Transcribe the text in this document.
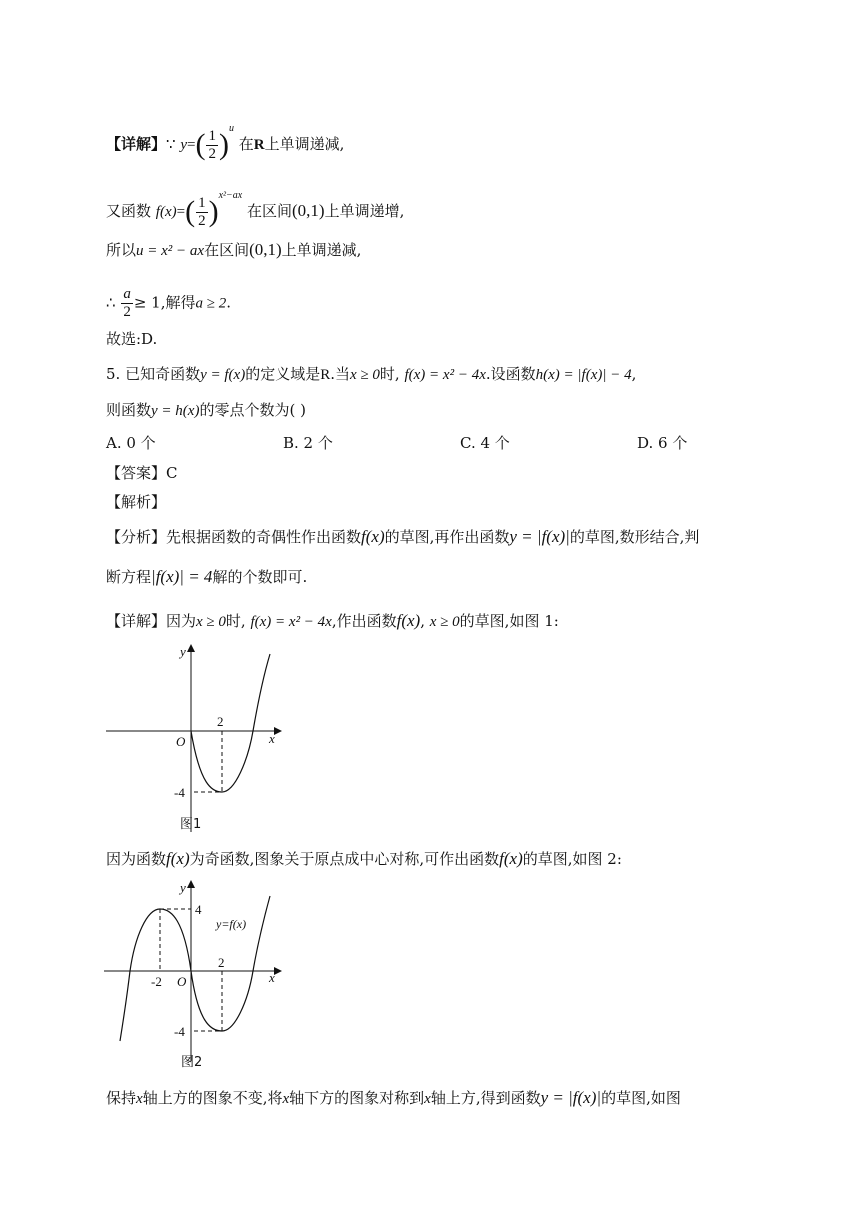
【详解】∵ $y=( \frac{1}{2} )^u$ 在R上单调递减,
又函数 $f(x)=( \frac{1}{2} )^{x^2-ax}$ 在区间(0,1)上单调递增,
所以u = x² − ax在区间(0,1)上单调递减,
∴ $\frac{a}{2} \ge 1$,解得a ≥ 2.
故选:D.
5. 已知奇函数y = f(x)的定义域是R.当x ≥ 0时, f(x) = x² − 4x.设函数h(x) = |f(x)| − 4,
则函数y = h(x)的零点个数为( )
A. 0 个	B. 2 个	C. 4 个	D. 6 个
【答案】C
【解析】
【分析】先根据函数的奇偶性作出函数f(x)的草图,再作出函数y = |f(x)|的草图,数形结合,判
断方程|f(x)| = 4解的个数即可.
【详解】因为x ≥ 0时, f(x) = x² − 4x,作出函数f(x), x ≥ 0的草图,如图 1:
y
x
O
2
-4
图1
因为函数f(x)为奇函数,图象关于原点成中心对称,可作出函数f(x)的草图,如图 2:
y
x
O
2
-2
4
-4
y=f(x)
图2
保持x轴上方的图象不变,将x轴下方的图象对称到x轴上方,得到函数y = |f(x)|的草图,如图
